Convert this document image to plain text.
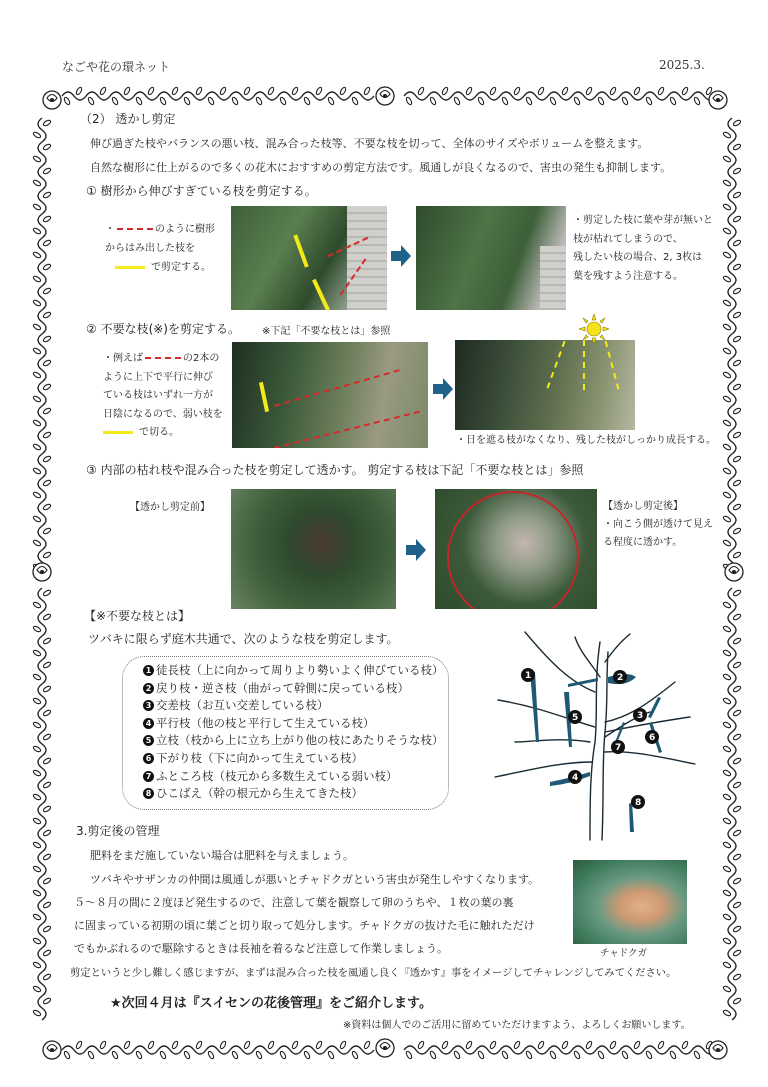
なごや花の環ネット	2025.3.
（2） 透かし剪定
伸び過ぎた枝やバランスの悪い枝、混み合った枝等、不要な枝を切って、全体のサイズやボリュームを整えます。
自然な樹形に仕上がるので多くの花木におすすめの剪定方法です。風通しが良くなるので、害虫の発生も抑制します。
① 樹形から伸びすぎている枝を剪定する。
・	のように樹形
からはみ出した枝を
で剪定する。
・剪定した枝に葉や芽が無いと
枝が枯れてしまうので、
残したい枝の場合、2, 3枚は
葉を残すよう注意する。
② 不要な枝(※)を剪定する。 ※下記「不要な枝とは」参照
・例えば	の2本の
ように上下で平行に伸び
ている枝はいずれ一方が
日陰になるので、弱い枝を
で切る。
・日を遮る枝がなくなり、残した枝がしっかり成長する。
③ 内部の枯れ枝や混み合った枝を剪定して透かす。 剪定する枝は下記「不要な枝とは」参照
【透かし剪定前】	【透かし剪定後】
・向こう側が透けて見え
る程度に透かす。
【※不要な枝とは】
ツバキに限らず庭木共通で、次のような枝を剪定します。
1 徒長枝（上に向かって周りより勢いよく伸びている枝）
2 戻り枝・逆さ枝（曲がって幹側に戻っている枝）
3 交差枝（お互い交差している枝）
4 平行枝（他の枝と平行して生えている枝）
5 立枝（枝から上に立ち上がり他の枝にあたりそうな枝）
6 下がり枝（下に向かって生えている枝）
7 ふところ枝（枝元から多数生えている弱い枝）
8 ひこばえ（幹の根元から生えてきた枝）
1	2
3
4
5
6
7
8
3.剪定後の管理
肥料をまだ施していない場合は肥料を与えましょう。
ツバキやサザンカの仲間は風通しが悪いとチャドクガという害虫が発生しやすくなります。
５～８月の間に２度ほど発生するので、注意して葉を観察して卵のうちや、１枚の葉の裏
に固まっている初期の頃に葉ごと切り取って処分します。チャドクガの抜けた毛に触れただけ
でもかぶれるので駆除するときは長袖を着るなど注意して作業しましょう。	チャドクガ
剪定というと少し難しく感じますが、まずは混み合った枝を風通し良く『透かす』事をイメージしてチャレンジしてみてください。
★次回４月は『スイセンの花後管理』をご紹介します。
※資料は個人でのご活用に留めていただけますよう、よろしくお願いします。
